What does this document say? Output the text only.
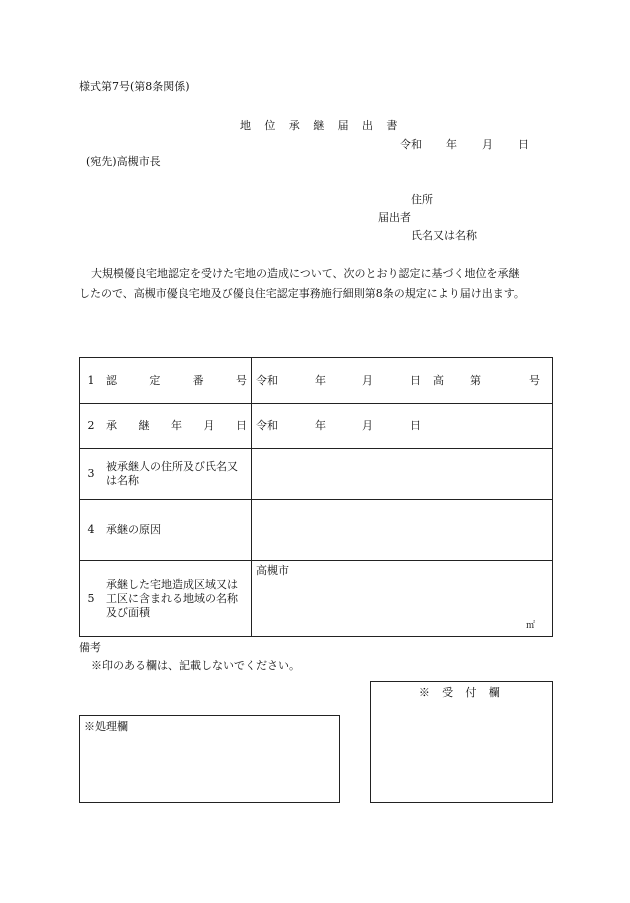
様式第7号(第8条関係)
地 位 承 継 届 出 書
令和 年 月 日
(宛先)高槻市長
住所
届出者
氏名又は名称
大規模優良宅地認定を受けた宅地の造成について、次のとおり認定に基づく地位を承継
したので、高槻市優良宅地及び優良住宅認定事務施行細則第8条の規定により届け出ます。
1	認 定 番 号	令和 年 月 日 高 第 号
2	承 継 年 月 日	令和 年 月 日
3	被承継人の住所及び氏名又は名称	
4	承継の原因	
5	承継した宅地造成区域又は工区に含まれる地域の名称及び面積	高槻市
㎡
備考
※印のある欄は、記載しないでください。
※ 受 付 欄
※処理欄
